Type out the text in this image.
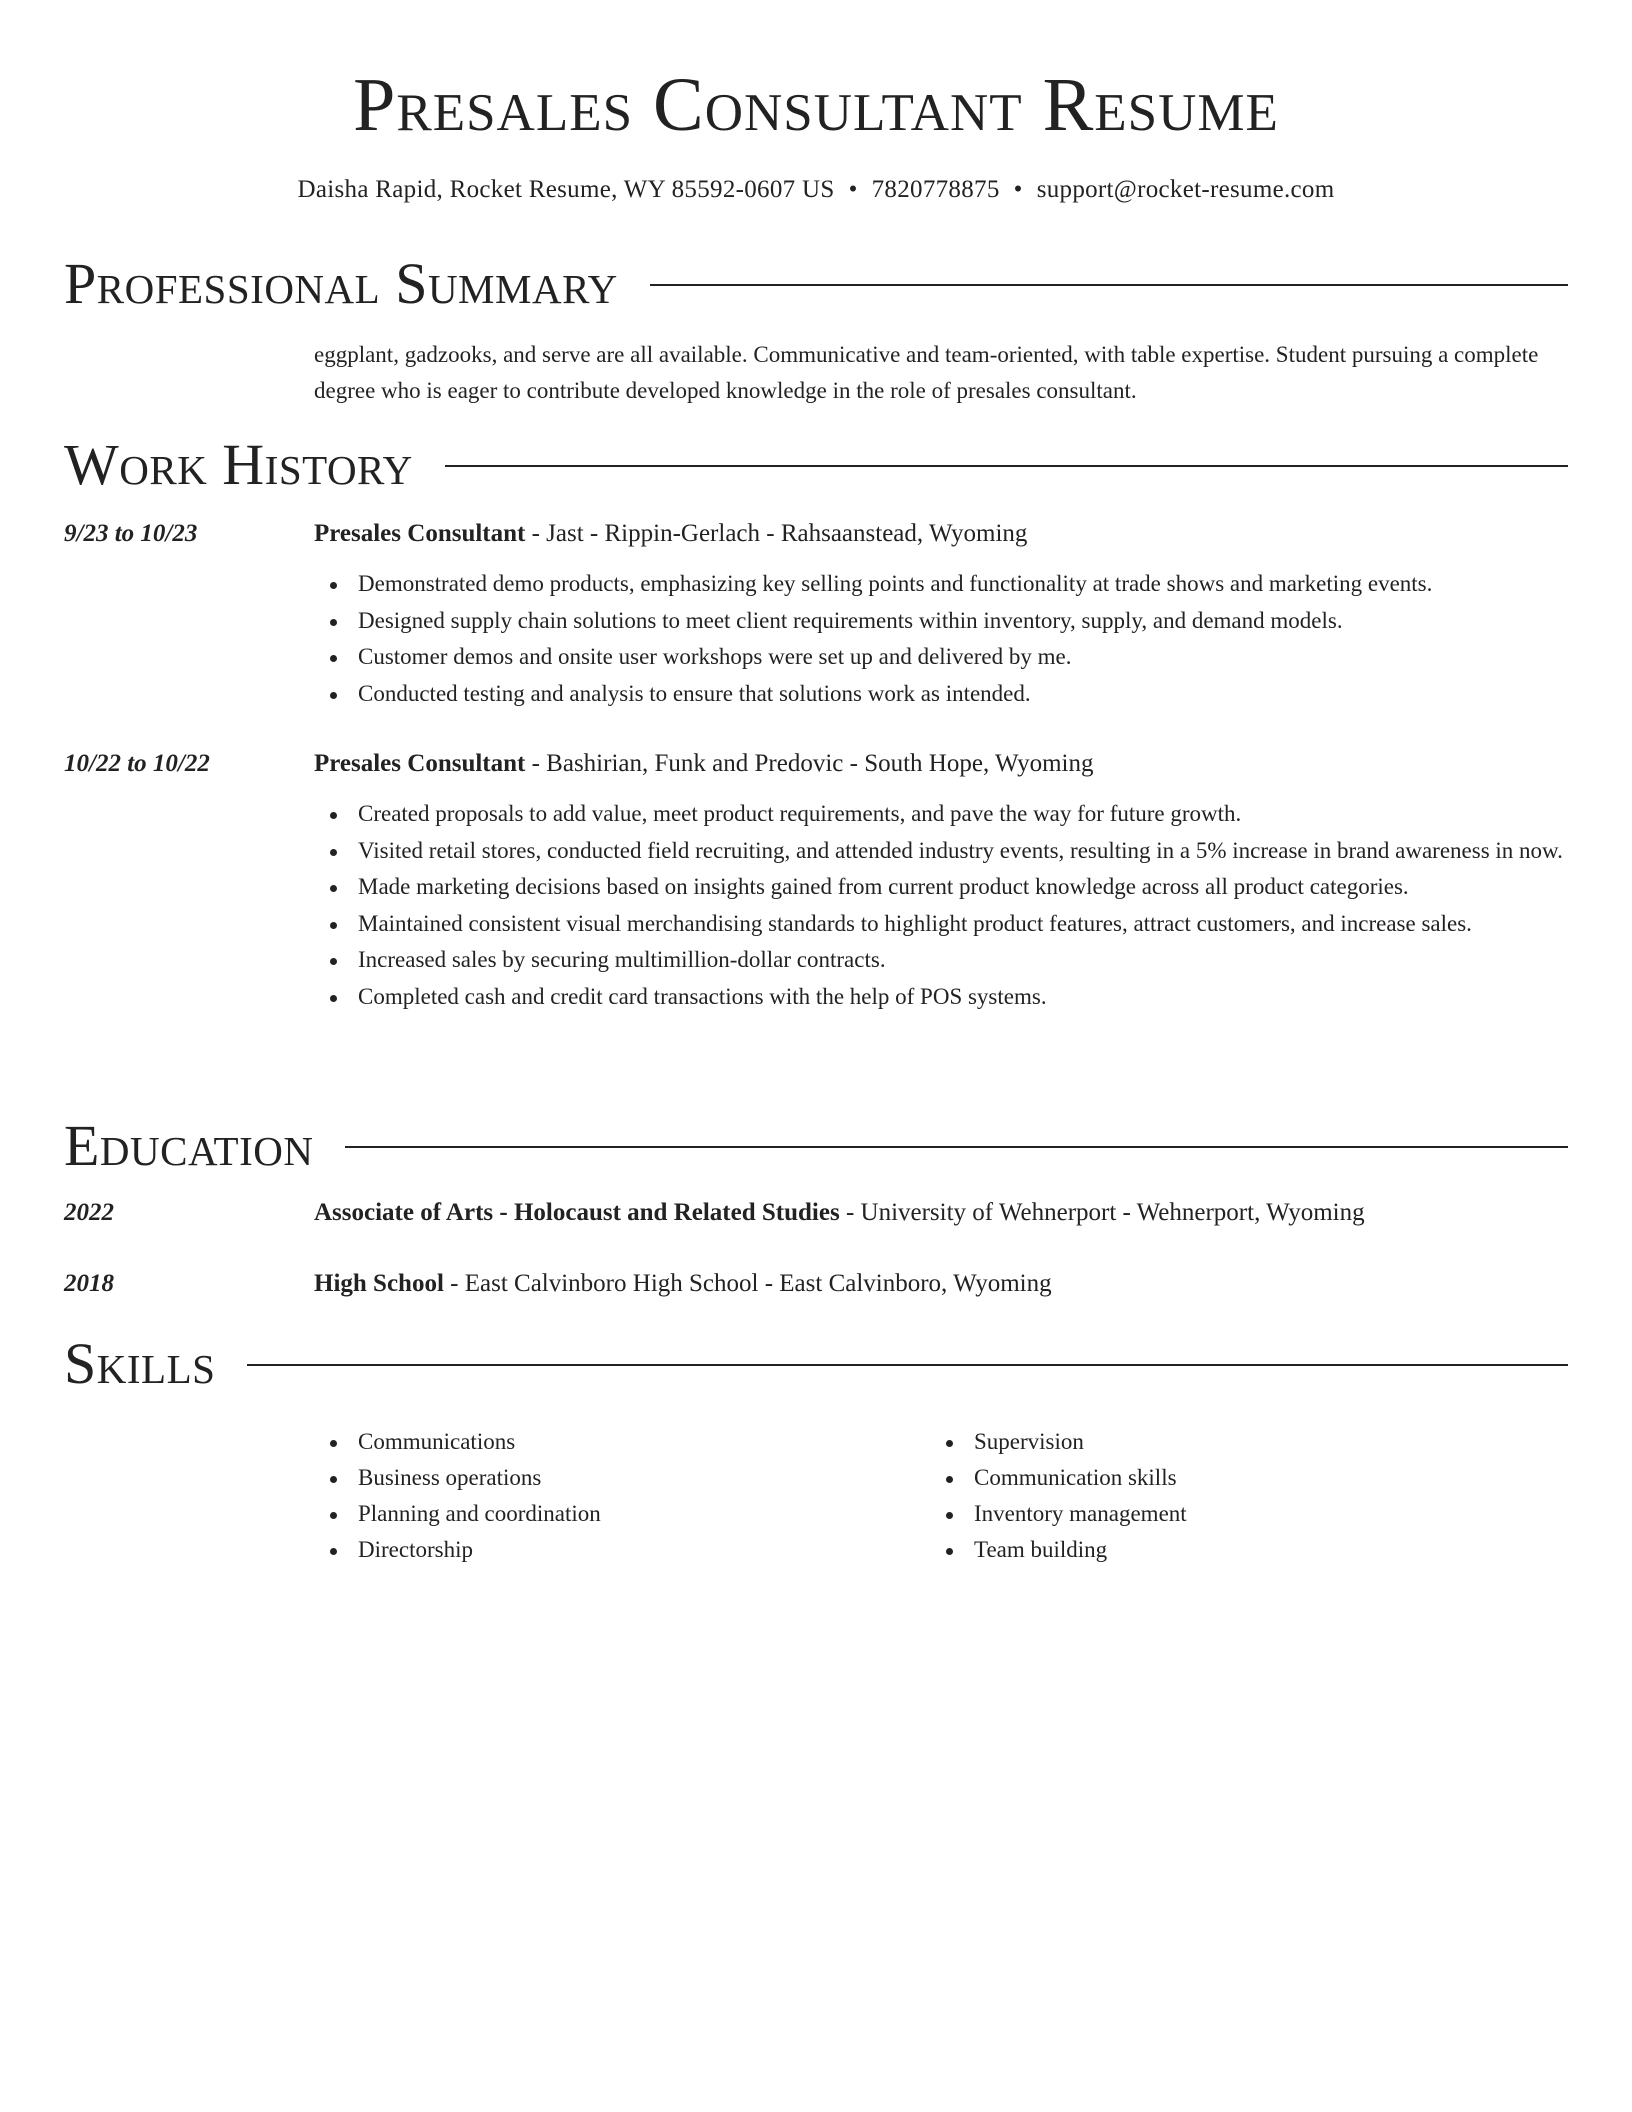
Presales Consultant Resume
Daisha Rapid, Rocket Resume, WY 85592-0607 US • 7820778875 • support@rocket-resume.com
Professional Summary
eggplant, gadzooks, and serve are all available. Communicative and team-oriented, with table expertise. Student pursuing a complete degree who is eager to contribute developed knowledge in the role of presales consultant.
Work History
9/23 to 10/23	Presales Consultant - Jast - Rippin-Gerlach - Rahsaanstead, Wyoming
Demonstrated demo products, emphasizing key selling points and functionality at trade shows and marketing events.
Designed supply chain solutions to meet client requirements within inventory, supply, and demand models.
Customer demos and onsite user workshops were set up and delivered by me.
Conducted testing and analysis to ensure that solutions work as intended.
10/22 to 10/22	Presales Consultant - Bashirian, Funk and Predovic - South Hope, Wyoming
Created proposals to add value, meet product requirements, and pave the way for future growth.
Visited retail stores, conducted field recruiting, and attended industry events, resulting in a 5% increase in brand awareness in now.
Made marketing decisions based on insights gained from current product knowledge across all product categories.
Maintained consistent visual merchandising standards to highlight product features, attract customers, and increase sales.
Increased sales by securing multimillion-dollar contracts.
Completed cash and credit card transactions with the help of POS systems.
Education
2022	Associate of Arts - Holocaust and Related Studies - University of Wehnerport - Wehnerport, Wyoming
2018	High School - East Calvinboro High School - East Calvinboro, Wyoming
Skills
Communications
Business operations
Planning and coordination
Directorship
Supervision
Communication skills
Inventory management
Team building
